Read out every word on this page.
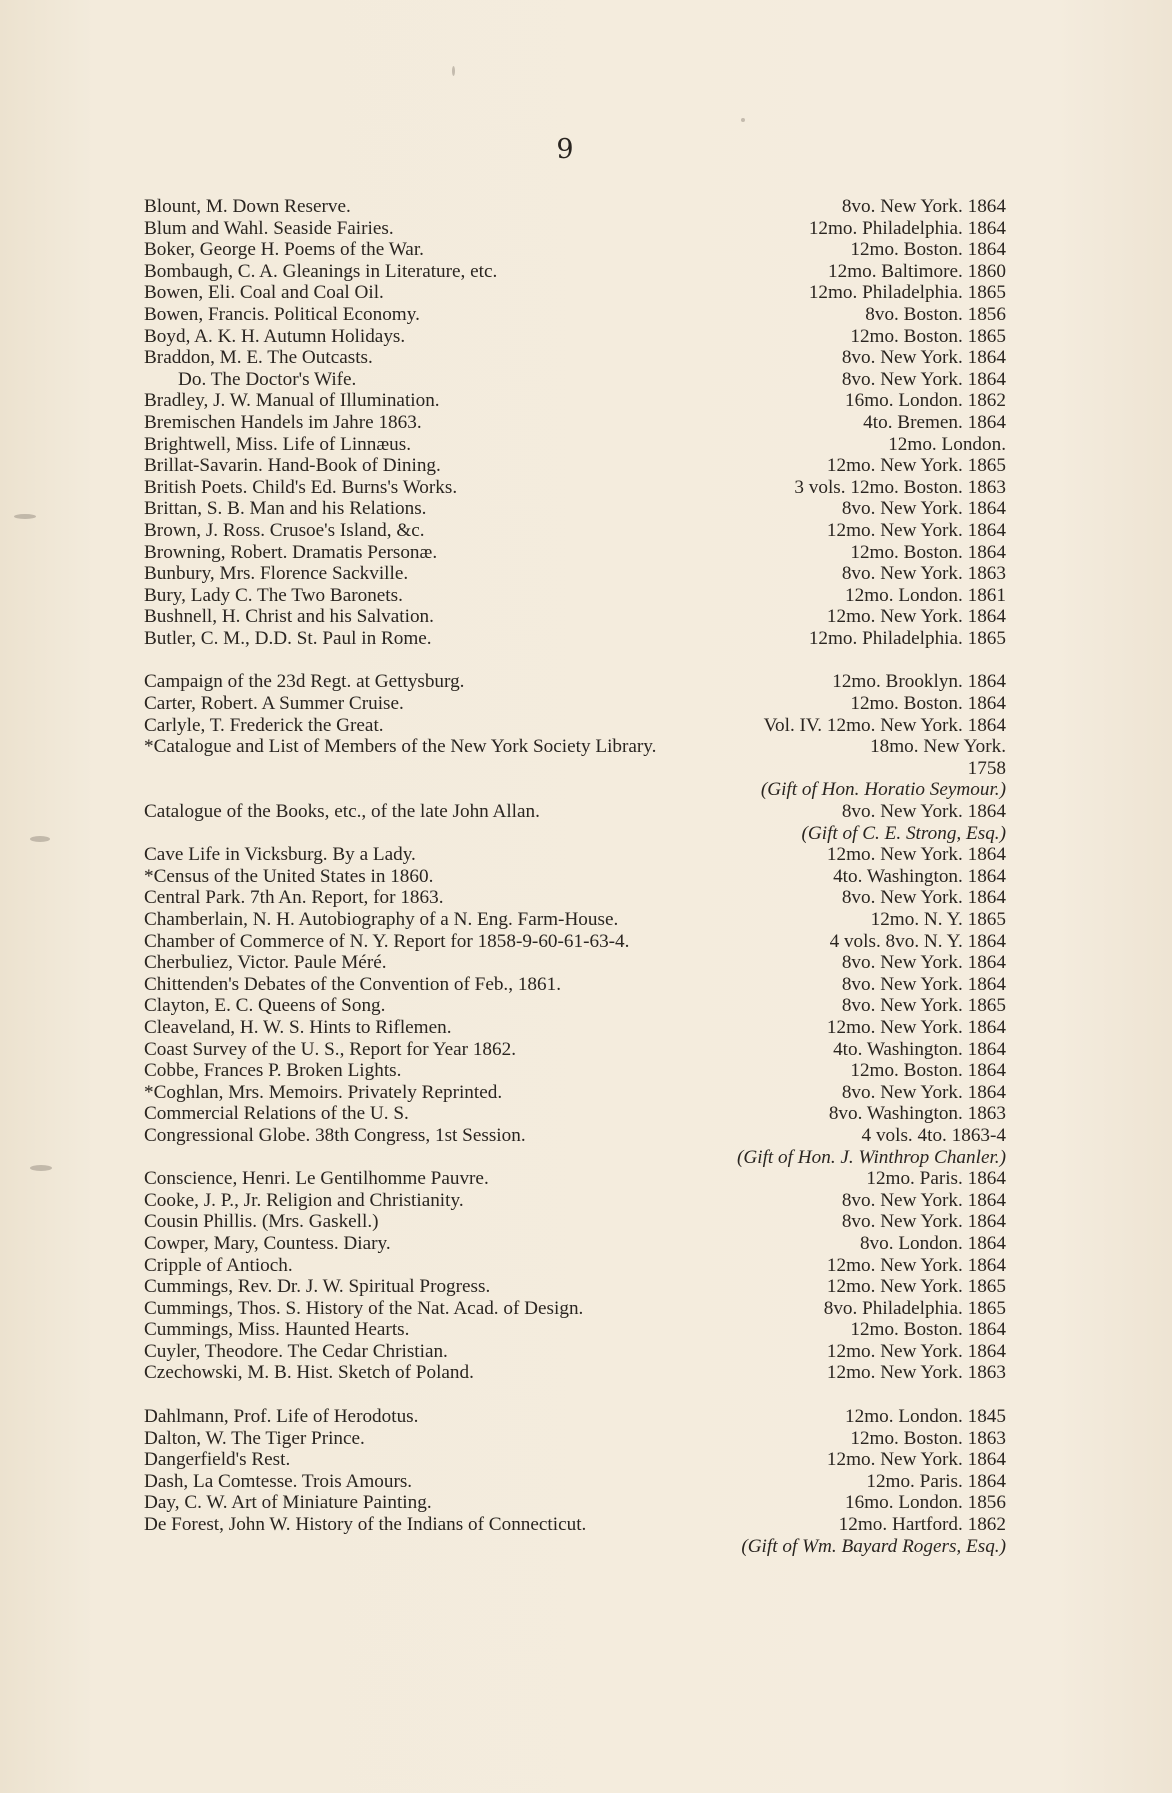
9
Blount, M. Down Reserve.	8vo. New York. 1864
Blum and Wahl. Seaside Fairies.	12mo. Philadelphia. 1864
Boker, George H. Poems of the War.	12mo. Boston. 1864
Bombaugh, C. A. Gleanings in Literature, etc.	12mo. Baltimore. 1860
Bowen, Eli. Coal and Coal Oil.	12mo. Philadelphia. 1865
Bowen, Francis. Political Economy.	8vo. Boston. 1856
Boyd, A. K. H. Autumn Holidays.	12mo. Boston. 1865
Braddon, M. E. The Outcasts.	8vo. New York. 1864
Do. The Doctor's Wife.	8vo. New York. 1864
Bradley, J. W. Manual of Illumination.	16mo. London. 1862
Bremischen Handels im Jahre 1863.	4to. Bremen. 1864
Brightwell, Miss. Life of Linnæus.	12mo. London.
Brillat-Savarin. Hand-Book of Dining.	12mo. New York. 1865
British Poets. Child's Ed. Burns's Works.	3 vols. 12mo. Boston. 1863
Brittan, S. B. Man and his Relations.	8vo. New York. 1864
Brown, J. Ross. Crusoe's Island, &c.	12mo. New York. 1864
Browning, Robert. Dramatis Personæ.	12mo. Boston. 1864
Bunbury, Mrs. Florence Sackville.	8vo. New York. 1863
Bury, Lady C. The Two Baronets.	12mo. London. 1861
Bushnell, H. Christ and his Salvation.	12mo. New York. 1864
Butler, C. M., D.D. St. Paul in Rome.	12mo. Philadelphia. 1865
Campaign of the 23d Regt. at Gettysburg.	12mo. Brooklyn. 1864
Carter, Robert. A Summer Cruise.	12mo. Boston. 1864
Carlyle, T. Frederick the Great.	Vol. IV. 12mo. New York. 1864
*Catalogue and List of Members of the New York Society Library.	18mo. New York.
1758
(Gift of Hon. Horatio Seymour.)
Catalogue of the Books, etc., of the late John Allan.	8vo. New York. 1864
(Gift of C. E. Strong, Esq.)
Cave Life in Vicksburg. By a Lady.	12mo. New York. 1864
*Census of the United States in 1860.	4to. Washington. 1864
Central Park. 7th An. Report, for 1863.	8vo. New York. 1864
Chamberlain, N. H. Autobiography of a N. Eng. Farm-House.	12mo. N. Y. 1865
Chamber of Commerce of N. Y. Report for 1858-9-60-61-63-4.	4 vols. 8vo. N. Y. 1864
Cherbuliez, Victor. Paule Méré.	8vo. New York. 1864
Chittenden's Debates of the Convention of Feb., 1861.	8vo. New York. 1864
Clayton, E. C. Queens of Song.	8vo. New York. 1865
Cleaveland, H. W. S. Hints to Riflemen.	12mo. New York. 1864
Coast Survey of the U. S., Report for Year 1862.	4to. Washington. 1864
Cobbe, Frances P. Broken Lights.	12mo. Boston. 1864
*Coghlan, Mrs. Memoirs. Privately Reprinted.	8vo. New York. 1864
Commercial Relations of the U. S.	8vo. Washington. 1863
Congressional Globe. 38th Congress, 1st Session.	4 vols. 4to. 1863-4
(Gift of Hon. J. Winthrop Chanler.)
Conscience, Henri. Le Gentilhomme Pauvre.	12mo. Paris. 1864
Cooke, J. P., Jr. Religion and Christianity.	8vo. New York. 1864
Cousin Phillis. (Mrs. Gaskell.)	8vo. New York. 1864
Cowper, Mary, Countess. Diary.	8vo. London. 1864
Cripple of Antioch.	12mo. New York. 1864
Cummings, Rev. Dr. J. W. Spiritual Progress.	12mo. New York. 1865
Cummings, Thos. S. History of the Nat. Acad. of Design.	8vo. Philadelphia. 1865
Cummings, Miss. Haunted Hearts.	12mo. Boston. 1864
Cuyler, Theodore. The Cedar Christian.	12mo. New York. 1864
Czechowski, M. B. Hist. Sketch of Poland.	12mo. New York. 1863
Dahlmann, Prof. Life of Herodotus.	12mo. London. 1845
Dalton, W. The Tiger Prince.	12mo. Boston. 1863
Dangerfield's Rest.	12mo. New York. 1864
Dash, La Comtesse. Trois Amours.	12mo. Paris. 1864
Day, C. W. Art of Miniature Painting.	16mo. London. 1856
De Forest, John W. History of the Indians of Connecticut.	12mo. Hartford. 1862
(Gift of Wm. Bayard Rogers, Esq.)
